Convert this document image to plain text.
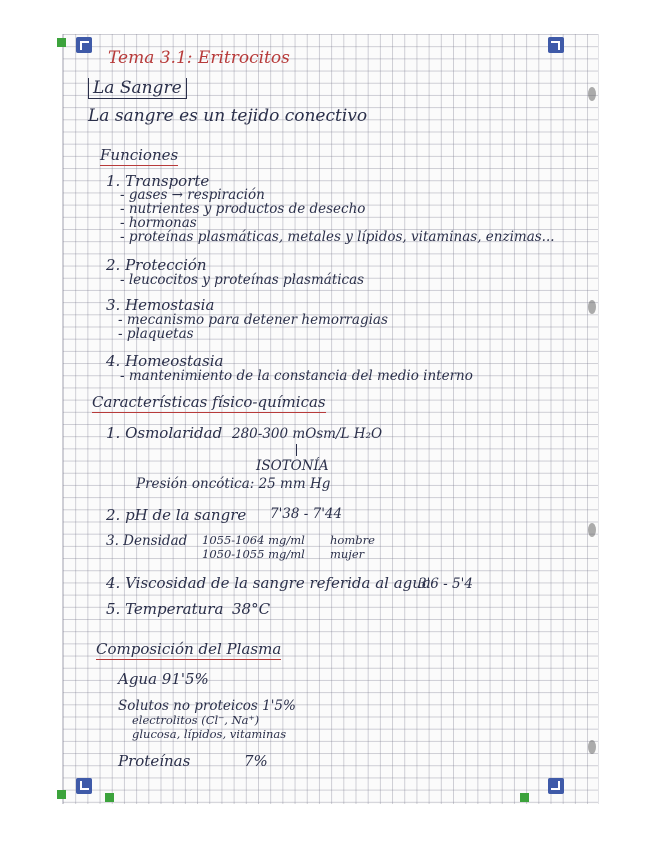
Tema 3.1: Eritrocitos
La Sangre
La sangre es un tejido conectivo
Funciones
1. Transporte
- gases → respiración
- nutrientes y productos de desecho
- hormonas
- proteínas plasmáticas, metales y lípidos, vitaminas, enzimas...
2. Protección
- leucocitos y proteínas plasmáticas
3. Hemostasia
- mecanismo para detener hemorragias
- plaquetas
4. Homeostasia
- mantenimiento de la constancia del medio interno
Características físico-químicas
1. Osmolaridad 280-300 mOsm/L H₂O
ISOTONÍA
Presión oncótica: 25 mm Hg
2. pH de la sangre 7'38 - 7'44
3. Densidad 1055-1064 mg/ml hombre
1050-1055 mg/ml mujer
4. Viscosidad de la sangre referida al agua
3'6 - 5'4
5. Temperatura 38°C
Composición del Plasma
Agua 91'5%
Solutos no proteicos 1'5%
electrolitos (Cl⁻, Na⁺)
glucosa, lípidos, vitaminas
Proteínas	7%
